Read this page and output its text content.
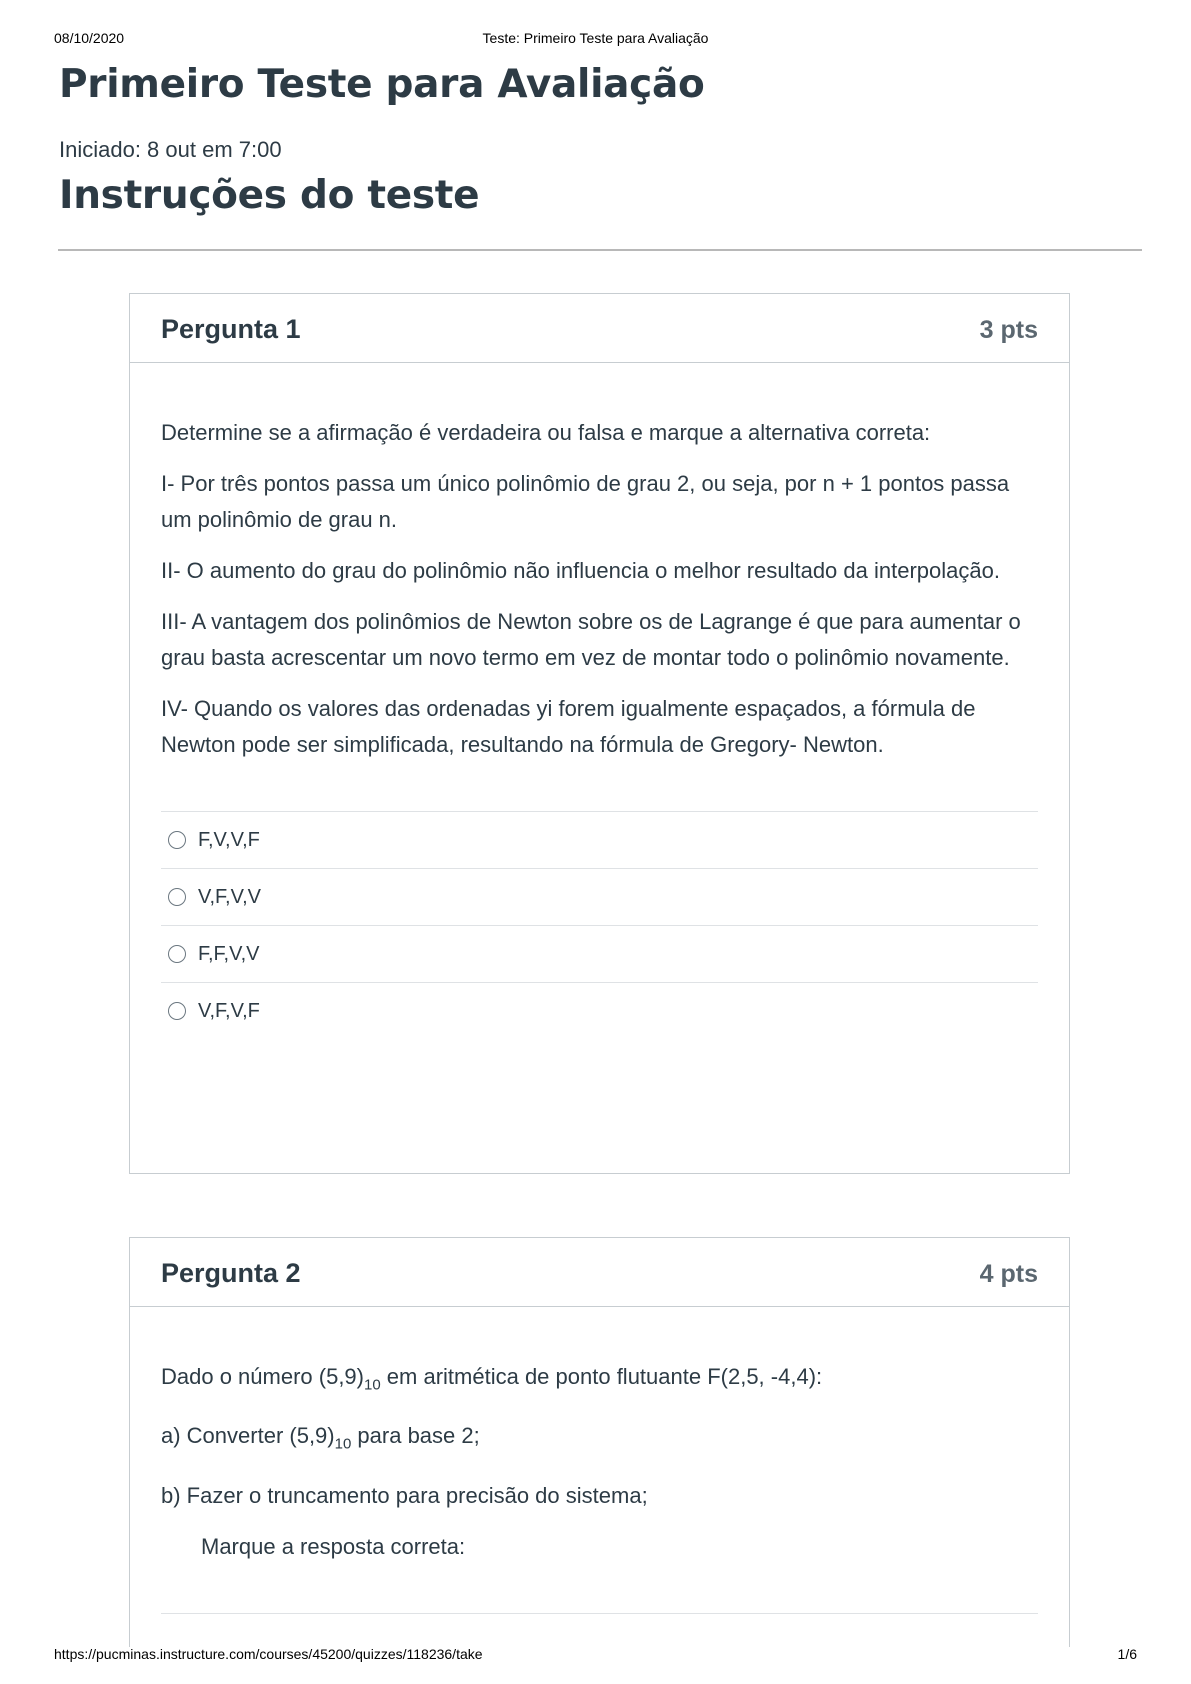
08/10/2020	Teste: Primeiro Teste para Avaliação
Primeiro Teste para Avaliação
Iniciado: 8 out em 7:00
Instruções do teste
Pergunta 1	3 pts

Determine se a afirmação é verdadeira ou falsa e marque a alternativa correta:

I- Por três pontos passa um único polinômio de grau 2, ou seja, por n + 1 pontos passa um polinômio de grau n.

II- O aumento do grau do polinômio não influencia o melhor resultado da interpolação.

III- A vantagem dos polinômios de Newton sobre os de Lagrange é que para aumentar o grau basta acrescentar um novo termo em vez de montar todo o polinômio novamente.

IV- Quando os valores das ordenadas yi forem igualmente espaçados, a fórmula de Newton pode ser simplificada, resultando na fórmula de Gregory- Newton.

F,V,V,F
V,F,V,V
F,F,V,V
V,F,V,F
Pergunta 2	4 pts

Dado o número $(5,9)_{10}$ em aritmética de ponto flutuante F(2,5, -4,4):

a) Converter $(5,9)_{10}$ para base 2;

b) Fazer o truncamento para precisão do sistema;

Marque a resposta correta:

https://pucminas.instructure.com/courses/45200/quizzes/118236/take	1/6
